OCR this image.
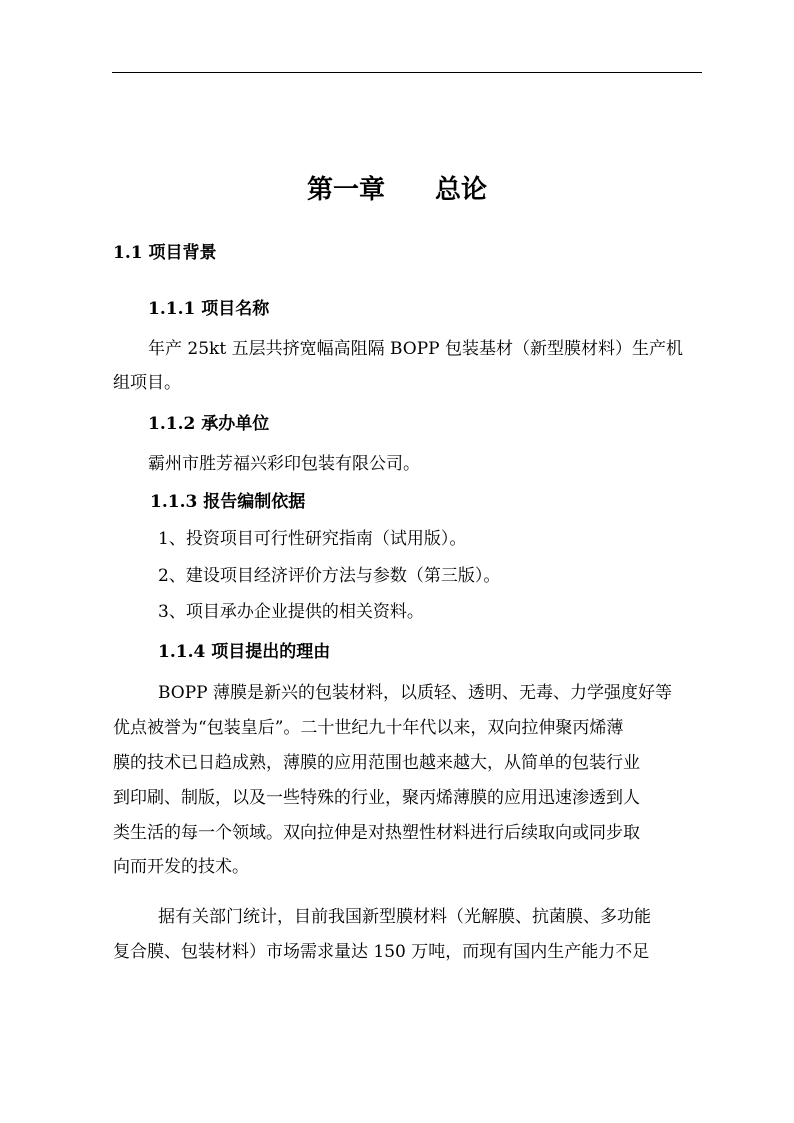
第一章 总论
1.1 项目背景
1.1.1 项目名称
年产 25kt 五层共挤宽幅高阻隔 BOPP 包装基材（新型膜材料）生产机
组项目。
1.1.2 承办单位
霸州市胜芳福兴彩印包装有限公司。
1.1.3 报告编制依据
1、投资项目可行性研究指南（试用版）。
2、建设项目经济评价方法与参数（第三版）。
3、项目承办企业提供的相关资料。
1.1.4 项目提出的理由
BOPP 薄膜是新兴的包装材料，以质轻、透明、无毒、力学强度好等
优点被誉为“包装皇后”。二十世纪九十年代以来，双向拉伸聚丙烯薄
膜的技术已日趋成熟，薄膜的应用范围也越来越大，从简单的包装行业
到印刷、制版，以及一些特殊的行业，聚丙烯薄膜的应用迅速渗透到人
类生活的每一个领域。双向拉伸是对热塑性材料进行后续取向或同步取
向而开发的技术。
据有关部门统计，目前我国新型膜材料（光解膜、抗菌膜、多功能
复合膜、包装材料）市场需求量达 150 万吨，而现有国内生产能力不足
